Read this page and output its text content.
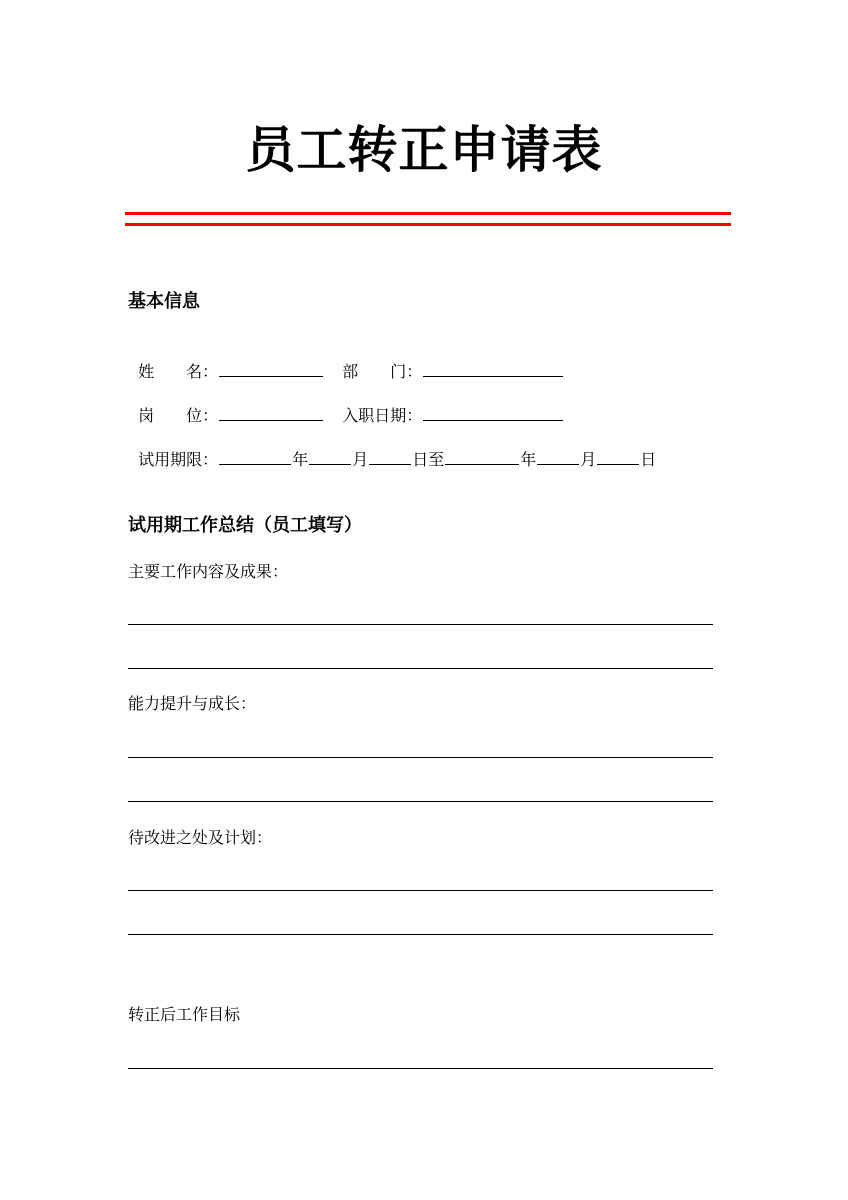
员工转正申请表
基本信息

姓　　名：	部　　门：

岗　　位：	入职日期：

试用期限：	年	月	日至	年	月	日

试用期工作总结（员工填写）
主要工作内容及成果：
能力提升与成长：
待改进之处及计划：
转正后工作目标
